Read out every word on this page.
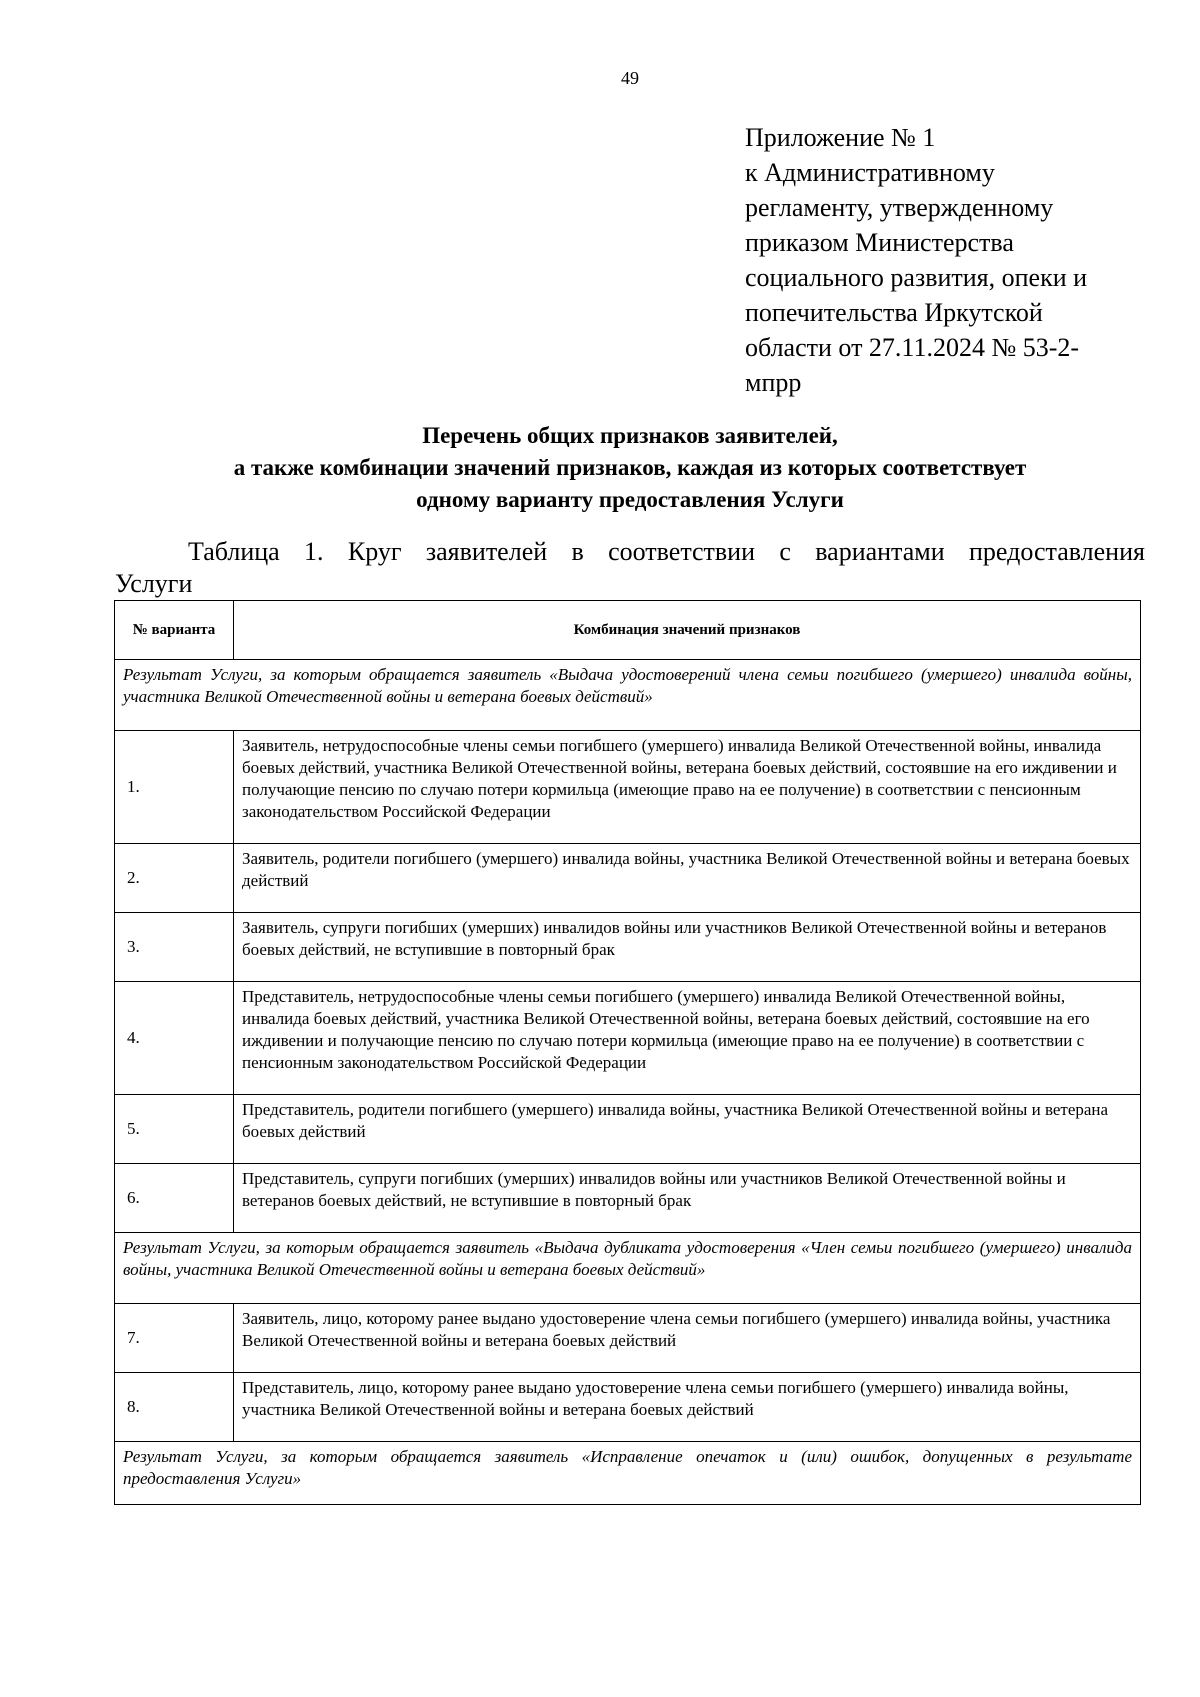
49
Приложение № 1
к Административному
регламенту, утвержденному
приказом Министерства
социального развития, опеки и
попечительства Иркутской
области от 27.11.2024 № 53-2-
мпрр
Перечень общих признаков заявителей,
а также комбинации значений признаков, каждая из которых соответствует
одному варианту предоставления Услуги
Таблица 1. Круг заявителей в соответствии с вариантами предоставления
Услуги
№ варианта	Комбинация значений признаков
Результат Услуги, за которым обращается заявитель «Выдача удостоверений члена семьи погибшего (умершего) инвалида войны, участника Великой Отечественной войны и ветерана боевых действий»	
1.	Заявитель, нетрудоспособные члены семьи погибшего (умершего) инвалида Великой Отечественной войны, инвалида боевых действий, участника Великой Отечественной войны, ветерана боевых действий, состоявшие на его иждивении и получающие пенсию по случаю потери кормильца (имеющие право на ее получение) в соответствии с пенсионным законодательством Российской Федерации
2.	Заявитель, родители погибшего (умершего) инвалида войны, участника Великой Отечественной войны и ветерана боевых действий
3.	Заявитель, супруги погибших (умерших) инвалидов войны или участников Великой Отечественной войны и ветеранов боевых действий, не вступившие в повторный брак
4.	Представитель, нетрудоспособные члены семьи погибшего (умершего) инвалида Великой Отечественной войны, инвалида боевых действий, участника Великой Отечественной войны, ветерана боевых действий, состоявшие на его иждивении и получающие пенсию по случаю потери кормильца (имеющие право на ее получение) в соответствии с пенсионным законодательством Российской Федерации
5.	Представитель, родители погибшего (умершего) инвалида войны, участника Великой Отечественной войны и ветерана боевых действий
6.	Представитель, супруги погибших (умерших) инвалидов войны или участников Великой Отечественной войны и ветеранов боевых действий, не вступившие в повторный брак
Результат Услуги, за которым обращается заявитель «Выдача дубликата удостоверения «Член семьи погибшего (умершего) инвалида войны, участника Великой Отечественной войны и ветерана боевых действий»	
7.	Заявитель, лицо, которому ранее выдано удостоверение члена семьи погибшего (умершего) инвалида войны, участника Великой Отечественной войны и ветерана боевых действий
8.	Представитель, лицо, которому ранее выдано удостоверение члена семьи погибшего (умершего) инвалида войны, участника Великой Отечественной войны и ветерана боевых действий
Результат Услуги, за которым обращается заявитель «Исправление опечаток и (или) ошибок, допущенных в результате предоставления Услуги»	
